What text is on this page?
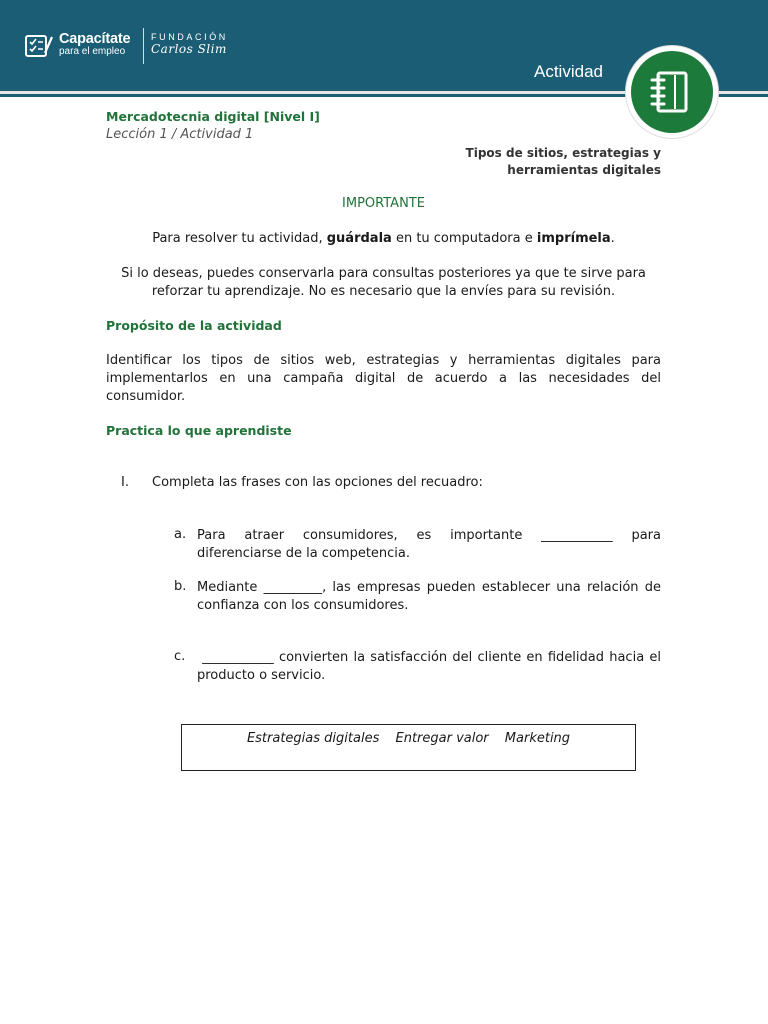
Capacítate
para el empleo
FUNDACIÓN
Carlos Slim
Actividad
Mercadotecnia digital [Nivel I]
Lección 1 / Actividad 1
Tipos de sitios, estrategias y
herramientas digitales
IMPORTANTE
Para resolver tu actividad, guárdala en tu computadora e imprímela.
Si lo deseas, puedes conservarla para consultas posteriores ya que te sirve para reforzar tu aprendizaje. No es necesario que la envíes para su revisión.
Propósito de la actividad
Identificar los tipos de sitios web, estrategias y herramientas digitales para implementarlos en una campaña digital de acuerdo a las necesidades del consumidor.
Practica lo que aprendiste
I. Completa las frases con las opciones del recuadro:
a. Para atraer consumidores, es importante ___________ para diferenciarse de la competencia.
b. Mediante _________, las empresas pueden establecer una relación de confianza con los consumidores.
c. ___________ convierten la satisfacción del cliente en fidelidad hacia el producto o servicio.
Estrategias digitales Entregar valor Marketing
